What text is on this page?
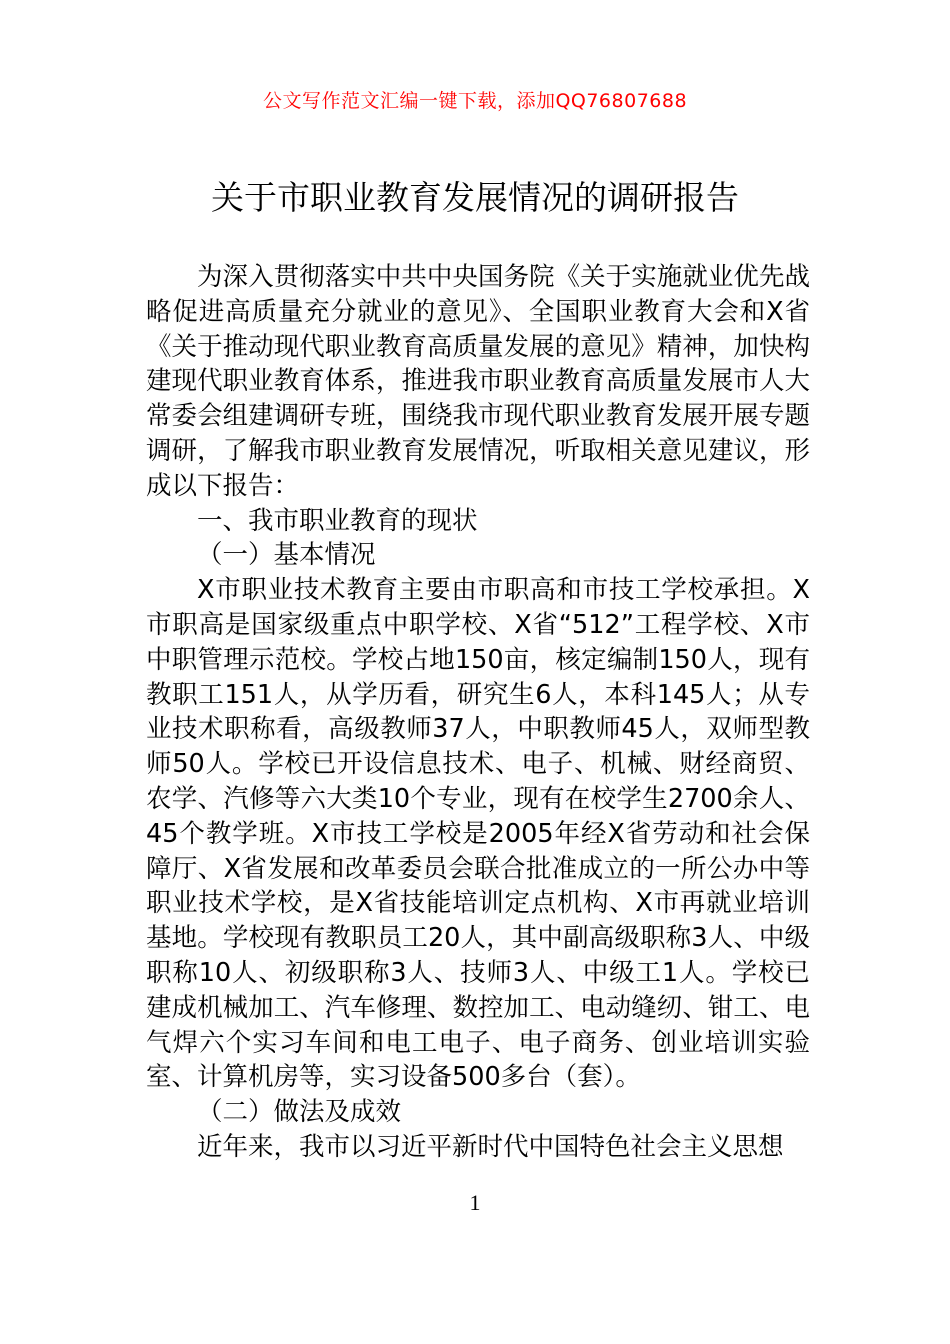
公文写作范文汇编一键下载，添加QQ76807688
关于市职业教育发展情况的调研报告

为深入贯彻落实中共中央国务院《关于实施就业优先战略促进高质量充分就业的意见》、全国职业教育大会和X省《关于推动现代职业教育高质量发展的意见》精神，加快构建现代职业教育体系，推进我市职业教育高质量发展市人大常委会组建调研专班，围绕我市现代职业教育发展开展专题调研，了解我市职业教育发展情况，听取相关意见建议，形成以下报告：

一、我市职业教育的现状

（一）基本情况

X市职业技术教育主要由市职高和市技工学校承担。X市职高是国家级重点中职学校、X省“512”工程学校、X市中职管理示范校。学校占地150亩，核定编制150人，现有教职工151人，从学历看，研究生6人，本科145人；从专业技术职称看，高级教师37人，中职教师45人，双师型教师50人。学校已开设信息技术、电子、机械、财经商贸、农学、汽修等六大类10个专业，现有在校学生2700余人、45个教学班。X市技工学校是2005年经X省劳动和社会保障厅、X省发展和改革委员会联合批准成立的一所公办中等职业技术学校，是X省技能培训定点机构、X市再就业培训基地。学校现有教职员工20人，其中副高级职称3人、中级职称10人、初级职称3人、技师3人、中级工1人。学校已建成机械加工、汽车修理、数控加工、电动缝纫、钳工、电气焊六个实习车间和电工电子、电子商务、创业培训实验室、计算机房等，实习设备500多台（套）。

（二）做法及成效

近年来，我市以习近平新时代中国特色社会主义思想

1
